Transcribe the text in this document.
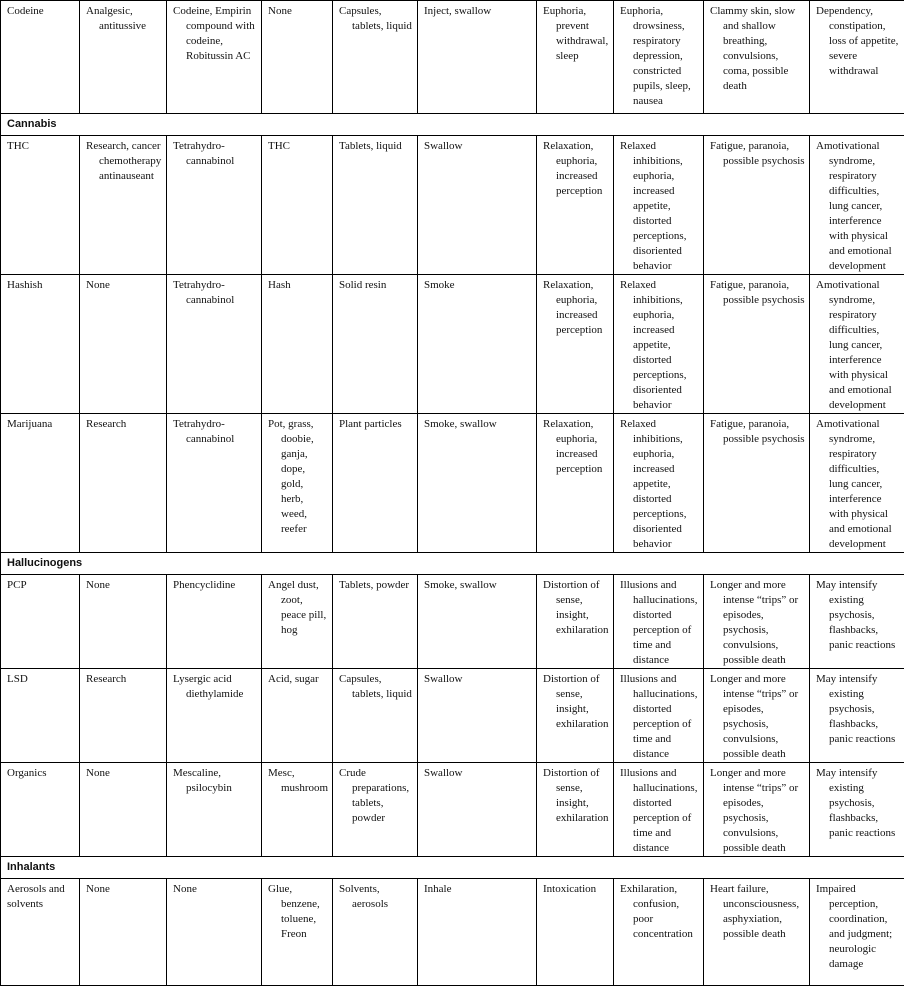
Codeine	Analgesic, antitussive	Codeine, Empirin compound with codeine, Robitussin AC	None	Capsules, tablets, liquid	Inject, swallow	Euphoria, prevent withdrawal, sleep	Euphoria, drowsiness, respiratory depression, constricted pupils, sleep, nausea	Clammy skin, slow and shallow breathing, convulsions, coma, possible death	Dependency, constipation, loss of appetite, severe withdrawal

Cannabis									

THC	Research, cancer chemotherapy antinauseant	Tetrahydro-cannabinol	THC	Tablets, liquid	Swallow	Relaxation, euphoria, increased perception	Relaxed inhibitions, euphoria, increased appetite, distorted perceptions, disoriented behavior	Fatigue, paranoia, possible psychosis	Amotivational syndrome, respiratory difficulties, lung cancer, interference with physical and emotional development

Hashish	None	Tetrahydro-cannabinol	Hash	Solid resin	Smoke	Relaxation, euphoria, increased perception	Relaxed inhibitions, euphoria, increased appetite, distorted perceptions, disoriented behavior	Fatigue, paranoia, possible psychosis	Amotivational syndrome, respiratory difficulties, lung cancer, interference with physical and emotional development

Marijuana	Research	Tetrahydro-cannabinol	Pot, grass, doobie, ganja, dope, gold, herb, weed, reefer	Plant particles	Smoke, swallow	Relaxation, euphoria, increased perception	Relaxed inhibitions, euphoria, increased appetite, distorted perceptions, disoriented behavior	Fatigue, paranoia, possible psychosis	Amotivational syndrome, respiratory difficulties, lung cancer, interference with physical and emotional development

Hallucinogens									

PCP	None	Phencyclidine	Angel dust, zoot, peace pill, hog	Tablets, powder	Smoke, swallow	Distortion of sense, insight, exhilaration	Illusions and hallucinations, distorted perception of time and distance	Longer and more intense “trips” or episodes, psychosis, convulsions, possible death	May intensify existing psychosis, flashbacks, panic reactions

LSD	Research	Lysergic acid diethylamide	Acid, sugar	Capsules, tablets, liquid	Swallow	Distortion of sense, insight, exhilaration	Illusions and hallucinations, distorted perception of time and distance	Longer and more intense “trips” or episodes, psychosis, convulsions, possible death	May intensify existing psychosis, flashbacks, panic reactions

Organics	None	Mescaline, psilocybin	Mesc, mushroom	Crude preparations, tablets, powder	Swallow	Distortion of sense, insight, exhilaration	Illusions and hallucinations, distorted perception of time and distance	Longer and more intense “trips” or episodes, psychosis, convulsions, possible death	May intensify existing psychosis, flashbacks, panic reactions

Inhalants									

Aerosols and solvents	None	None	Glue, benzene, toluene, Freon	Solvents, aerosols	Inhale	Intoxication	Exhilaration, confusion, poor concentration	Heart failure, unconsciousness, asphyxiation, possible death	Impaired perception, coordination, and judgment; neurologic damage
